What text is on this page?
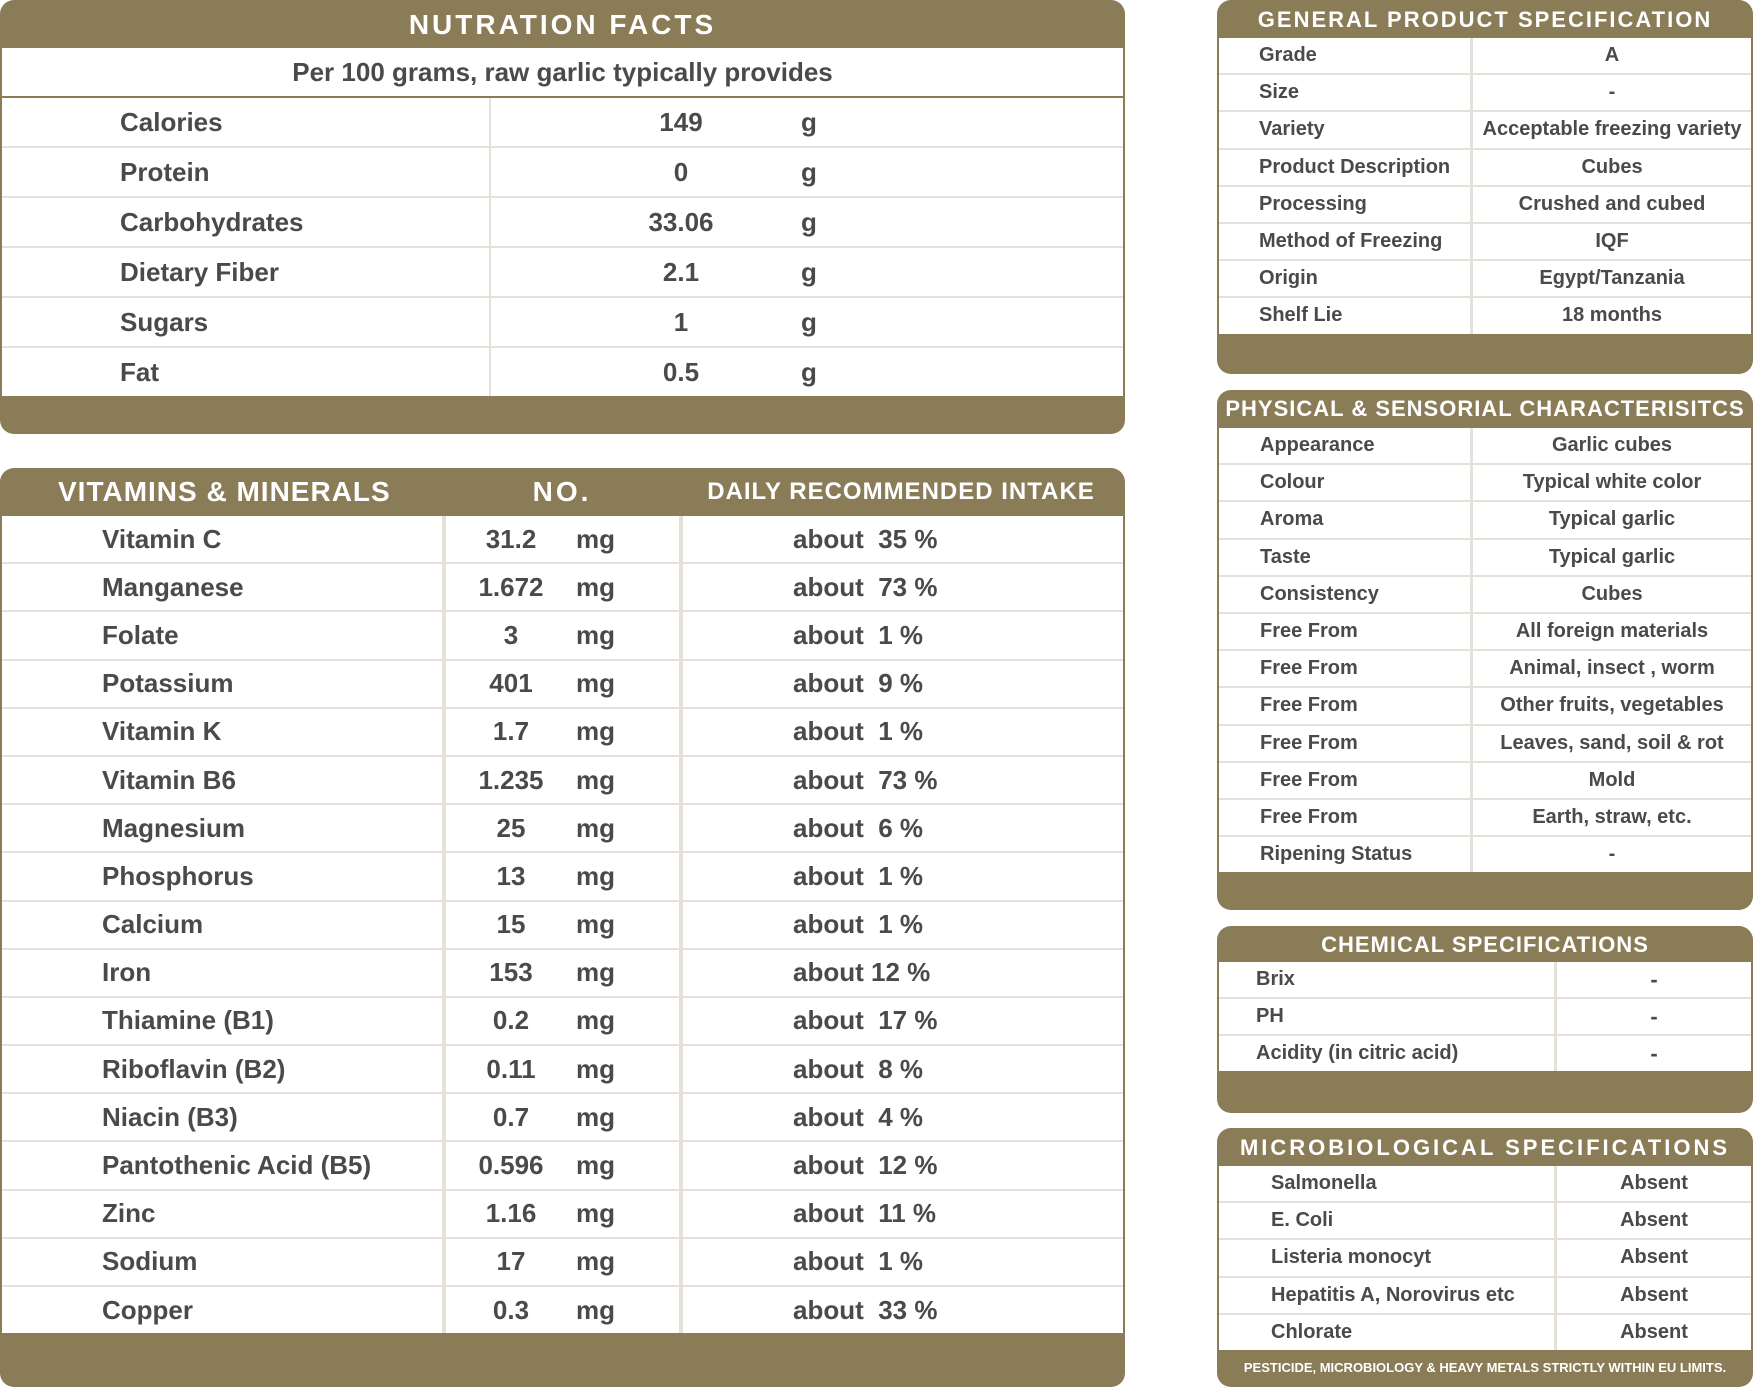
NUTRATION FACTS
Per 100 grams, raw garlic typically provides
Calories	149	g
Protein	0	g
Carbohydrates	33.06	g
Dietary Fiber	2.1	g
Sugars	1	g
Fat	0.5	g
VITAMINS & MINERALS	NO.	DAILY RECOMMENDED INTAKE
Vitamin C	31.2	mg	about  35 %
Manganese	1.672	mg	about  73 %
Folate	3	mg	about  1 %
Potassium	401	mg	about  9 %
Vitamin K	1.7	mg	about  1 %
Vitamin B6	1.235	mg	about  73 %
Magnesium	25	mg	about  6 %
Phosphorus	13	mg	about  1 %
Calcium	15	mg	about  1 %
Iron	153	mg	about 12 %
Thiamine (B1)	0.2	mg	about  17 %
Riboflavin (B2)	0.11	mg	about  8 %
Niacin (B3)	0.7	mg	about  4 %
Pantothenic Acid (B5)	0.596	mg	about  12 %
Zinc	1.16	mg	about  11 %
Sodium	17	mg	about  1 %
Copper	0.3	mg	about  33 %
GENERAL PRODUCT SPECIFICATION
Grade	A
Size	-
Variety	Acceptable freezing variety
Product Description	Cubes
Processing	Crushed and cubed
Method of Freezing	IQF
Origin	Egypt/Tanzania
Shelf Lie	18 months
PHYSICAL & SENSORIAL CHARACTERISITCS
Appearance	Garlic cubes
Colour	Typical white color
Aroma	Typical garlic
Taste	Typical garlic
Consistency	Cubes
Free From	All foreign materials
Free From	Animal, insect , worm
Free From	Other fruits, vegetables
Free From	Leaves, sand, soil & rot
Free From	Mold
Free From	Earth, straw, etc.
Ripening Status	-
CHEMICAL SPECIFICATIONS
Brix	-
PH	-
Acidity (in citric acid)	-
MICROBIOLOGICAL SPECIFICATIONS
Salmonella	Absent
E. Coli	Absent
Listeria monocyt	Absent
Hepatitis A, Norovirus etc	Absent
Chlorate	Absent
PESTICIDE, MICROBIOLOGY & HEAVY METALS STRICTLY WITHIN EU LIMITS.
